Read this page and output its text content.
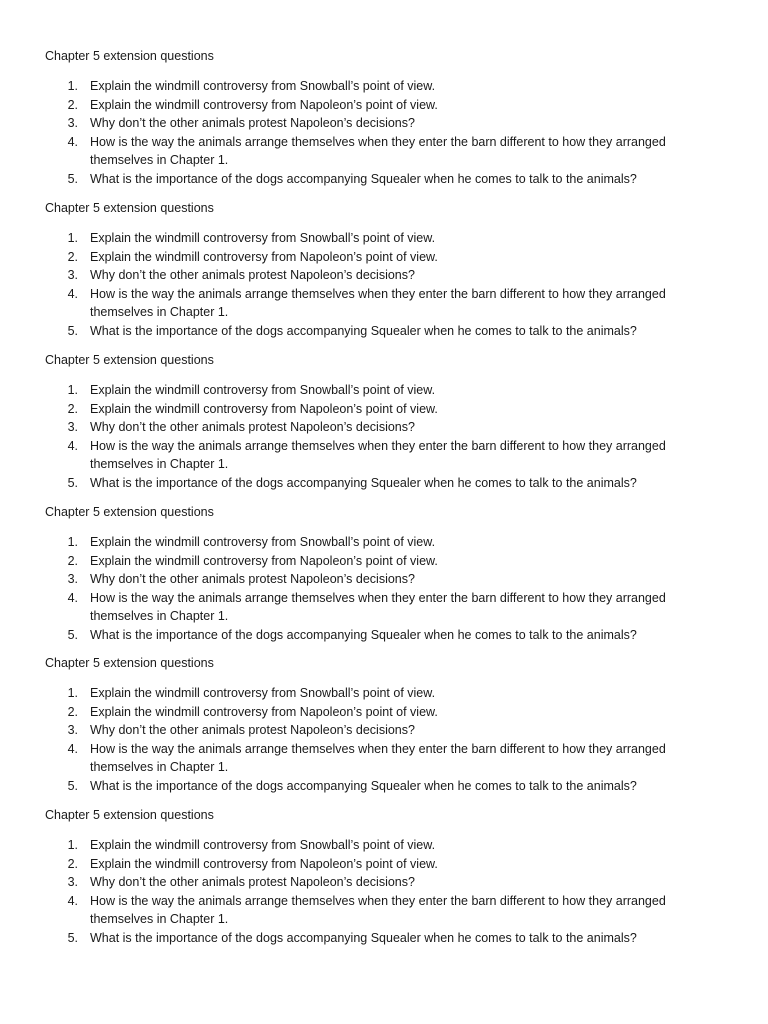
Chapter 5 extension questions
1. Explain the windmill controversy from Snowball’s point of view.
2. Explain the windmill controversy from Napoleon’s point of view.
3. Why don’t the other animals protest Napoleon’s decisions?
4. How is the way the animals arrange themselves when they enter the barn different to how they arranged themselves in Chapter 1.
5. What is the importance of the dogs accompanying Squealer when he comes to talk to the animals?
Chapter 5 extension questions
1. Explain the windmill controversy from Snowball’s point of view.
2. Explain the windmill controversy from Napoleon’s point of view.
3. Why don’t the other animals protest Napoleon’s decisions?
4. How is the way the animals arrange themselves when they enter the barn different to how they arranged themselves in Chapter 1.
5. What is the importance of the dogs accompanying Squealer when he comes to talk to the animals?
Chapter 5 extension questions
1. Explain the windmill controversy from Snowball’s point of view.
2. Explain the windmill controversy from Napoleon’s point of view.
3. Why don’t the other animals protest Napoleon’s decisions?
4. How is the way the animals arrange themselves when they enter the barn different to how they arranged themselves in Chapter 1.
5. What is the importance of the dogs accompanying Squealer when he comes to talk to the animals?
Chapter 5 extension questions
1. Explain the windmill controversy from Snowball’s point of view.
2. Explain the windmill controversy from Napoleon’s point of view.
3. Why don’t the other animals protest Napoleon’s decisions?
4. How is the way the animals arrange themselves when they enter the barn different to how they arranged themselves in Chapter 1.
5. What is the importance of the dogs accompanying Squealer when he comes to talk to the animals?
Chapter 5 extension questions
1. Explain the windmill controversy from Snowball’s point of view.
2. Explain the windmill controversy from Napoleon’s point of view.
3. Why don’t the other animals protest Napoleon’s decisions?
4. How is the way the animals arrange themselves when they enter the barn different to how they arranged themselves in Chapter 1.
5. What is the importance of the dogs accompanying Squealer when he comes to talk to the animals?
Chapter 5 extension questions
1. Explain the windmill controversy from Snowball’s point of view.
2. Explain the windmill controversy from Napoleon’s point of view.
3. Why don’t the other animals protest Napoleon’s decisions?
4. How is the way the animals arrange themselves when they enter the barn different to how they arranged themselves in Chapter 1.
5. What is the importance of the dogs accompanying Squealer when he comes to talk to the animals?
